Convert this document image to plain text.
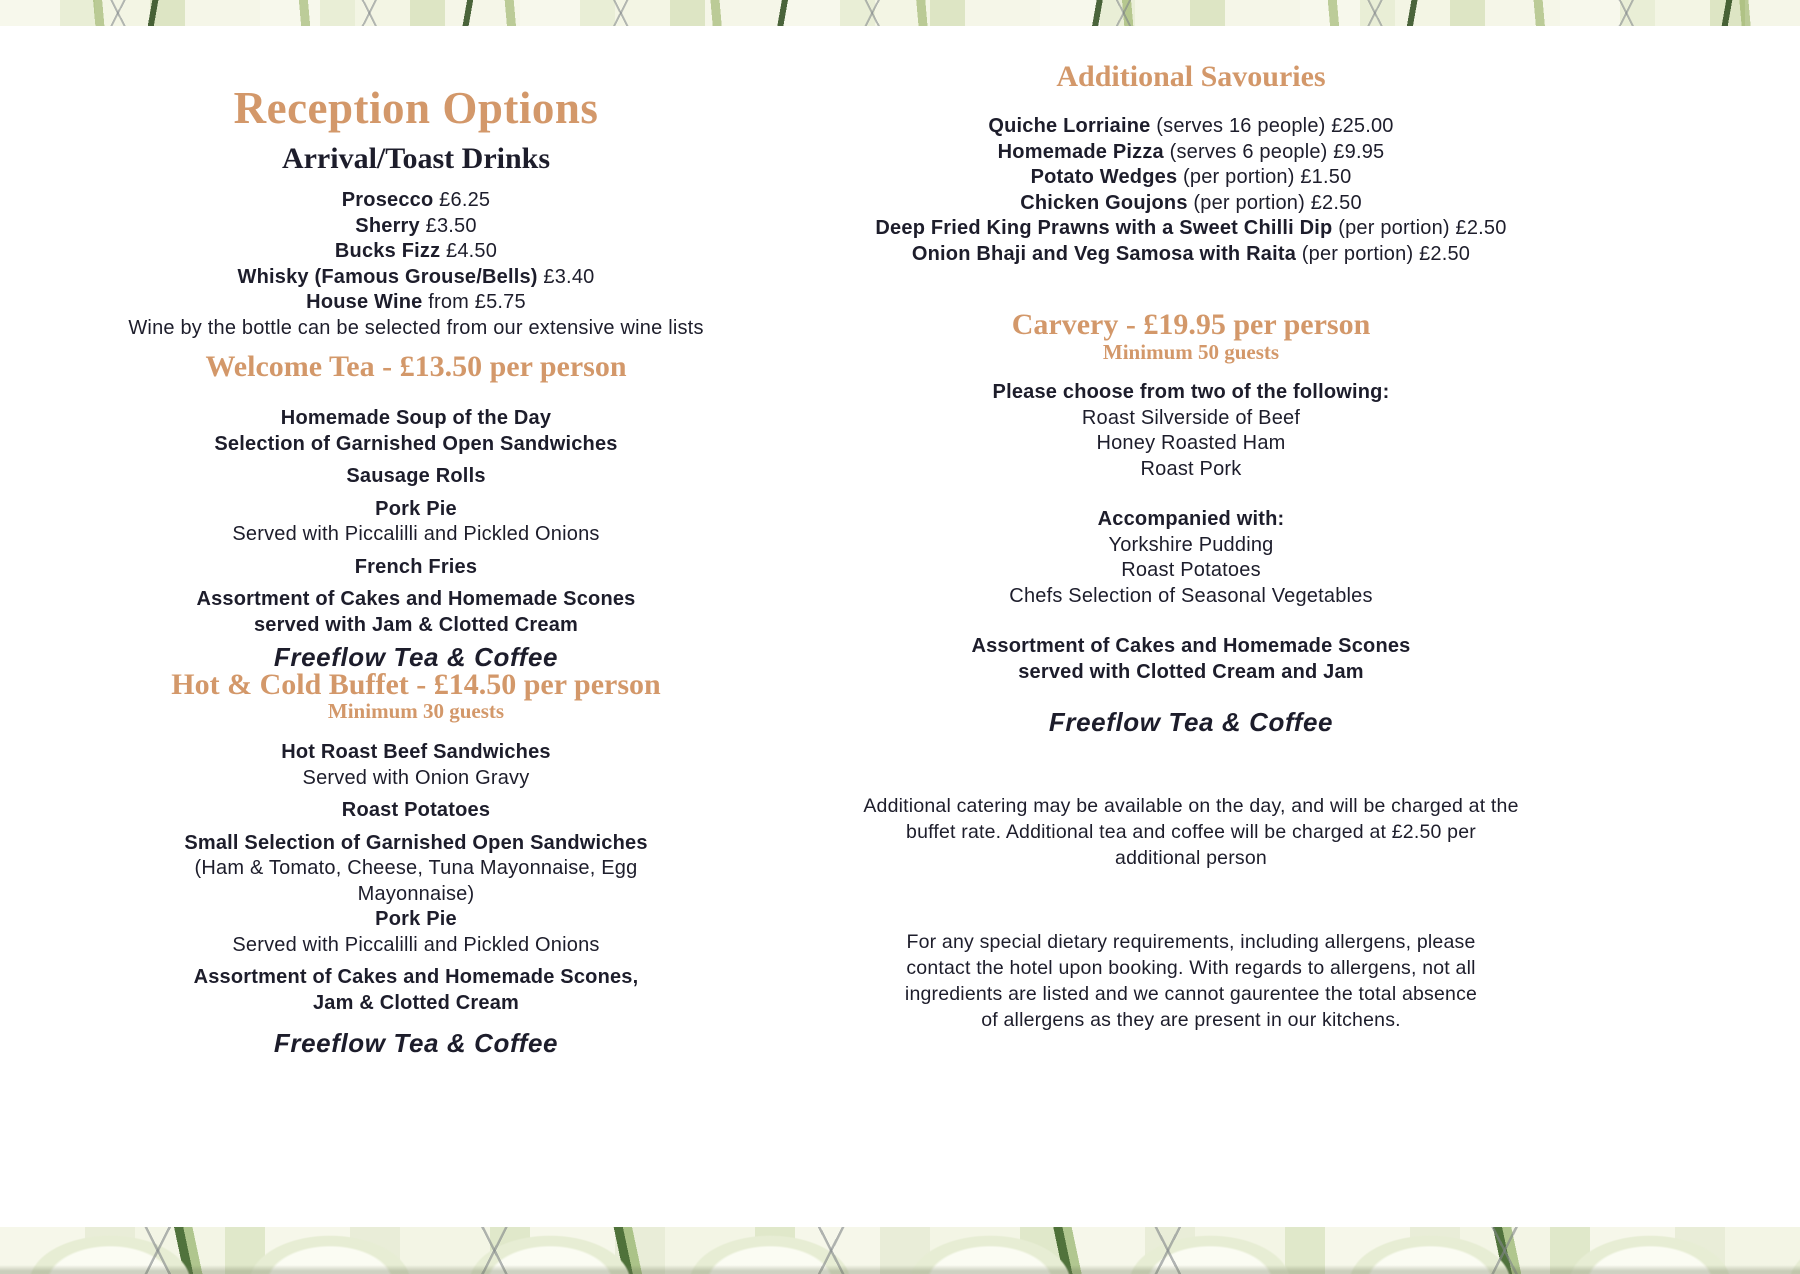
Reception Options
Arrival/Toast Drinks
Prosecco £6.25
Sherry £3.50
Bucks Fizz £4.50
Whisky (Famous Grouse/Bells) £3.40
House Wine from £5.75
Wine by the bottle can be selected from our extensive wine lists
Welcome Tea - £13.50 per person
Homemade Soup of the Day
Selection of Garnished Open Sandwiches
Sausage Rolls
Pork Pie
Served with Piccalilli and Pickled Onions
French Fries
Assortment of Cakes and Homemade Scones
served with Jam & Clotted Cream
Freeflow Tea & Coffee
Hot & Cold Buffet - £14.50 per person
Minimum 30 guests
Hot Roast Beef Sandwiches
Served with Onion Gravy
Roast Potatoes
Small Selection of Garnished Open Sandwiches
(Ham & Tomato, Cheese, Tuna Mayonnaise, Egg
Mayonnaise)
Pork Pie
Served with Piccalilli and Pickled Onions
Assortment of Cakes and Homemade Scones,
Jam & Clotted Cream
Freeflow Tea & Coffee
Additional Savouries
Quiche Lorriaine (serves 16 people) £25.00
Homemade Pizza (serves 6 people) £9.95
Potato Wedges (per portion) £1.50
Chicken Goujons (per portion) £2.50
Deep Fried King Prawns with a Sweet Chilli Dip (per portion) £2.50
Onion Bhaji and Veg Samosa with Raita (per portion) £2.50
Carvery - £19.95 per person
Minimum 50 guests
Please choose from two of the following:
Roast Silverside of Beef
Honey Roasted Ham
Roast Pork
Accompanied with:
Yorkshire Pudding
Roast Potatoes
Chefs Selection of Seasonal Vegetables
Assortment of Cakes and Homemade Scones
served with Clotted Cream and Jam
Freeflow Tea & Coffee
Additional catering may be available on the day, and will be charged at the
buffet rate. Additional tea and coffee will be charged at £2.50 per
additional person
For any special dietary requirements, including allergens, please
contact the hotel upon booking. With regards to allergens, not all
ingredients are listed and we cannot gaurentee the total absence
of allergens as they are present in our kitchens.
